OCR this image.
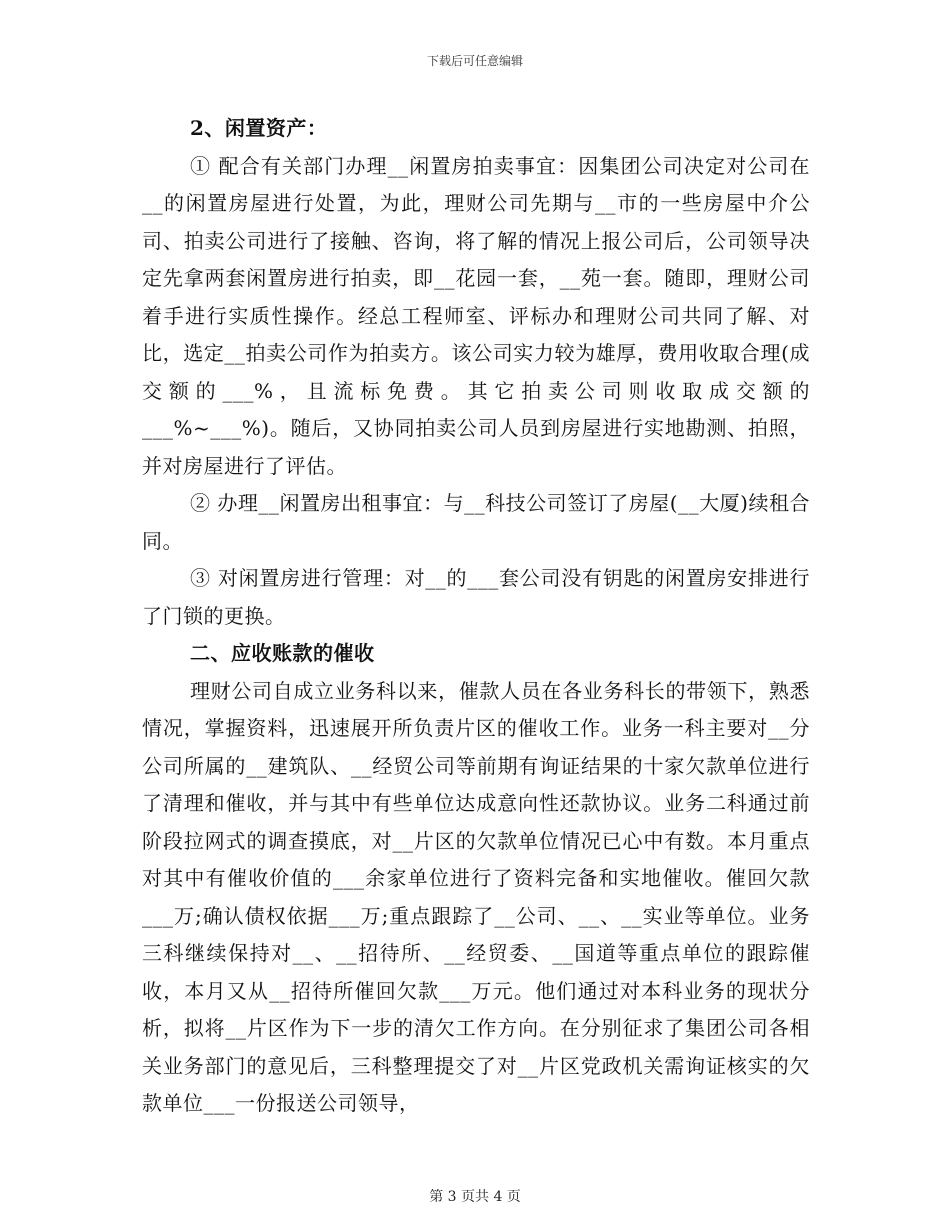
下载后可任意编辑

2、闲置资产：

① 配合有关部门办理__闲置房拍卖事宜：因集团公司决定对公司在__的闲置房屋进行处置，为此，理财公司先期与__市的一些房屋中介公司、拍卖公司进行了接触、咨询，将了解的情况上报公司后，公司领导决定先拿两套闲置房进行拍卖，即__花园一套，__苑一套。随即，理财公司着手进行实质性操作。经总工程师室、评标办和理财公司共同了解、对比，选定__拍卖公司作为拍卖方。该公司实力较为雄厚，费用收取合理(成交额的___%，且流标免费。其它拍卖公司则收取成交额的___%~___%)。随后，又协同拍卖公司人员到房屋进行实地勘测、拍照，并对房屋进行了评估。

② 办理__闲置房出租事宜：与__科技公司签订了房屋(__大厦)续租合同。

③ 对闲置房进行管理：对__的___套公司没有钥匙的闲置房安排进行了门锁的更换。

二、应收账款的催收

理财公司自成立业务科以来，催款人员在各业务科长的带领下，熟悉情况，掌握资料，迅速展开所负责片区的催收工作。业务一科主要对__分公司所属的__建筑队、__经贸公司等前期有询证结果的十家欠款单位进行了清理和催收，并与其中有些单位达成意向性还款协议。业务二科通过前阶段拉网式的调查摸底，对__片区的欠款单位情况已心中有数。本月重点对其中有催收价值的___余家单位进行了资料完备和实地催收。催回欠款___万;确认债权依据___万;重点跟踪了__公司、__、__实业等单位。业务三科继续保持对__、__招待所、__经贸委、__国道等重点单位的跟踪催收，本月又从__招待所催回欠款___万元。他们通过对本科业务的现状分析，拟将__片区作为下一步的清欠工作方向。在分别征求了集团公司各相关业务部门的意见后，三科整理提交了对__片区党政机关需询证核实的欠款单位___一份报送公司领导，

第 3 页共 4 页
